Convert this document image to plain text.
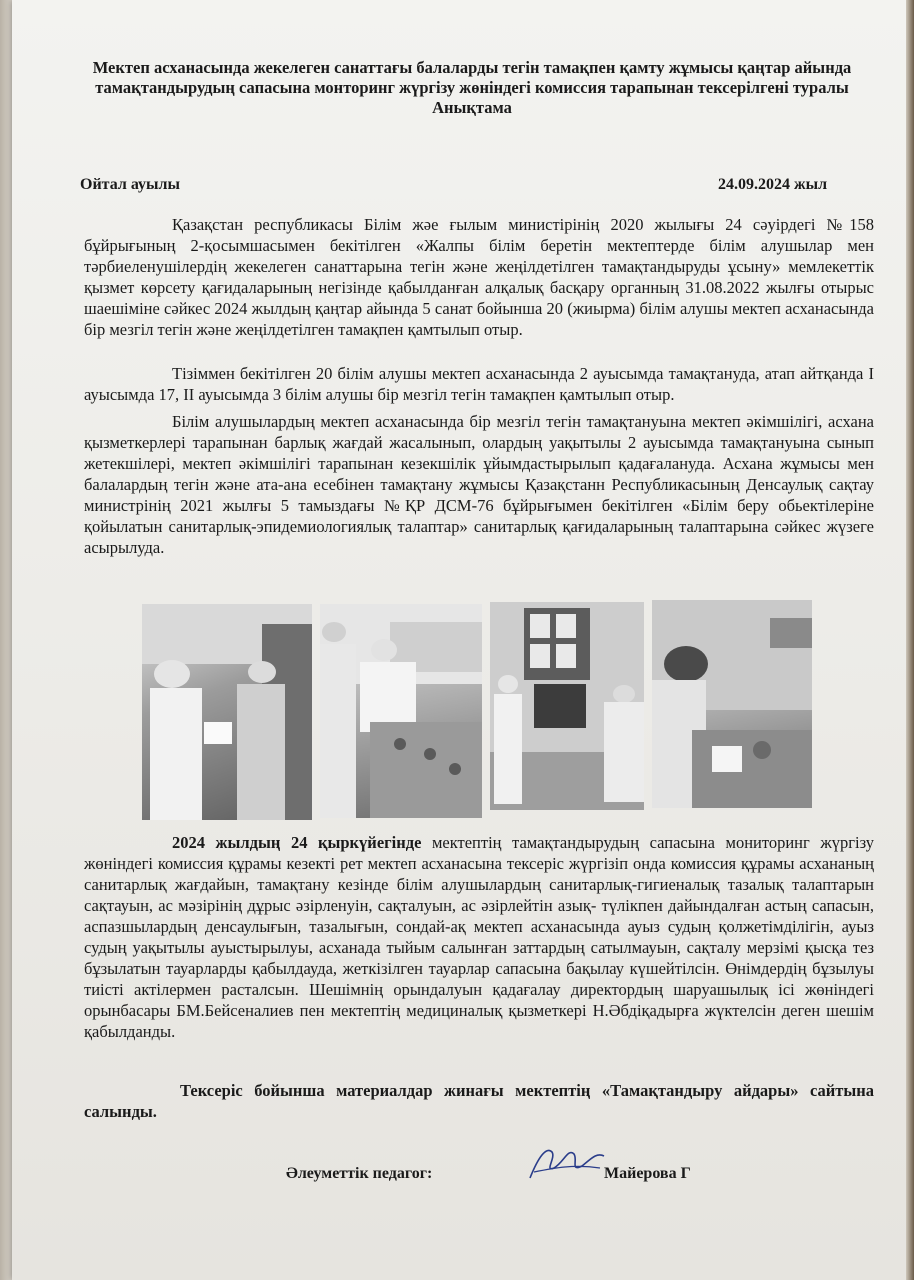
Мектеп асханасында жекелеген санаттағы балаларды тегін тамақпен қамту жұмысы қаңтар айында тамақтандырудың сапасына монторинг жүргізу жөніндегі комиссия тарапынан тексерілгені туралы
Анықтама
Ойтал ауылы	24.09.2024 жыл

Қазақстан республикасы Білім жәе ғылым министірінің 2020 жылығы 24 сәуірдегі №158 бұйрығының 2-қосымшасымен бекітілген «Жалпы білім беретін мектептерде білім алушылар мен тәрбиеленушілердің жекелеген санаттарына тегін және жеңілдетілген тамақтандыруды ұсыну» мемлекеттік қызмет көрсету қағидаларының негізінде қабылданған алқалық басқару органның 31.08.2022 жылғы отырыс шаешіміне сәйкес 2024 жылдың қаңтар айында 5 санат бойынша 20 (жиырма) білім алушы мектеп асханасында бір мезгіл тегін және жеңілдетілген тамақпен қамтылып отыр.

Тізіммен бекітілген 20 білім алушы мектеп асханасында 2 ауысымда тамақтануда, атап айтқанда І ауысымда 17, ІІ ауысымда 3 білім алушы бір мезгіл тегін тамақпен қамтылып отыр.

Білім алушылардың мектеп асханасында бір мезгіл тегін тамақтануына мектеп әкімшілігі, асхана қызметкерлері тарапынан барлық жағдай жасалынып, олардың уақытылы 2 ауысымда тамақтануына сынып жетекшілері, мектеп әкімшілігі тарапынан кезекшілік ұйымдастырылып қадағалануда. Асхана жұмысы мен балалардың тегін және ата-ана есебінен тамақтану жұмысы Қазақстанн Республикасының Денсаулық сақтау министрінің 2021 жылғы 5 тамыздағы №ҚР ДСМ-76 бұйрығымен бекітілген «Білім беру обьектілеріне қойылатын санитарлық-эпидемиологиялық талаптар» санитарлық қағидаларының талаптарына сәйкес жүзеге асырылуда.

2024 жылдың 24 қыркүйегінде мектептің тамақтандырудың сапасына мониторинг жүргізу жөніндегі комиссия құрамы кезекті рет мектеп асханасына тексеріс жүргізіп онда комиссия құрамы асхананың санитарлық жағдайын, тамақтану кезінде білім алушылардың санитарлық-гигиеналық тазалық талаптарын сақтауын, ас мәзірінің дұрыс әзірленуін, сақталуын, ас әзірлейтін азық- түлікпен дайындалған астың сапасын, аспазшылардың денсаулығын, тазалығын, сондай-ақ мектеп асханасында ауыз судың қолжетімділігін, ауыз судың уақытылы ауыстырылуы, асханада тыйым салынған заттардың сатылмауын, сақталу мерзімі қысқа тез бұзылатын тауарларды қабылдауда, жеткізілген тауарлар сапасына бақылау күшейтілсін. Өнімдердің бұзылуы тиісті актілермен расталсын. Шешімнің орындалуын қадағалау директордың шаруашылық ісі жөніндегі орынбасары БМ.Бейсеналиев пен мектептің медициналық қызметкері Н.Әбдіқадырға жүктелсін деген шешім қабылданды.

Тексеріс бойынша материалдар жинағы мектептің «Тамақтандыру айдары» сайтына салынды.

Әлеуметтік педагог:	Майерова Г
